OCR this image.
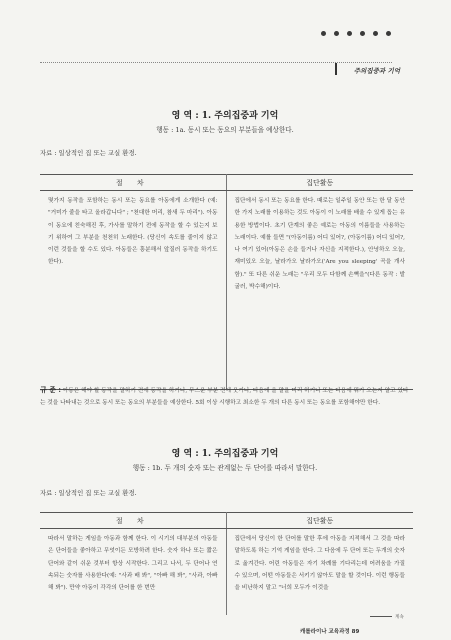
주의집중과 기억
영 역 : 1. 주의집중과 기억
행동 : 1a. 동시 또는 동요의 부분들을 예상한다.
자료 : 일상적인 집 또는 교실 환경.
절 차	집단활동
몇가지 동작을 포함하는 동시 또는 동요를 아동에게 소개한다 (예: "거미가 줄을 타고 올라갑니다" ; "천대한 머리, 참새 두 마리"). 아동이 동요에 친숙해진 후, 가사를 말하기 전에 동작을 할 수 있는지 보기 위하여 그 부분을 천천히 노래한다. (당신이 속도를 줄이지 않고 이런 것들을 할 수도 있다. 아동들은 흥분해서 앞질러 동작을 하기도 한다).	집단에서 동시 또는 동요를 한다. 때로는 일주일 동안 또는 한 달 동안 한 가지 노래를 이용하는 것도 아동이 이 노래를 배울 수 있게 돕는 유용한 방법이다. 초기 단계의 좋은 예로는 아동의 이름들을 사용하는 노래이다. 예를 들면 "(아동이름) 어디 있어?, (아동이름) 어디 있어?, 나 여기 있어(아동은 손을 들거나 자신을 지적한다.), 안녕하오 오늘, 재미있오 오늘, 날라가오 날라가오('Are you sleeping' 곡을 개사함)." 또 다른 쉬운 노래는 "우리 모두 다함께 손뼉을"(다른 동작 : 발굴러, 박수해)이다.
규 준 : 아동은 해야 할 동작을 말하기 전에 동작을 하거나, 무스운 부분 전에 웃거나, 다음에 올 말을 미리 하거나 또는 다음에 뭐가 오는지 알고 있다는 것을 나타내는 것으로 동시 또는 동요의 부분들을 예상한다. 5회 이상 시행하고 최소한 두 개의 다른 동시 또는 동요를 포함해야만 한다.
영 역 : 1. 주의집중과 기억
행동 : 1b. 두 개의 숫자 또는 관계없는 두 단어를 따라서 말한다.
자료 : 일상적인 집 또는 교실 환경.
절 차	집단활동
따라서 말하는 게임을 아동과 함께 한다. 이 시기의 대부분의 아동들은 단어들을 좋아하고 무엇이든 모방하려 한다. 숫자 하나 또는 짧은 단어와 같이 쉬운 것부터 항상 시작한다. 그리고 나서, 두 단어나 연속되는 숫자를 사용한다(예: "사과 배 봐", "아빠 해 봐", "사과, 아빠 해 봐"). 만약 아동이 각각의 단어를 한 번만	집단에서 당신이 한 단어를 말한 후에 아동을 지적해서 그 것을 따라 말하도록 하는 기억 게임을 한다. 그 다음에 두 단어 또는 두개의 숫자로 옮겨간다. 어린 아동들은 자기 차례를 기다리는데 어려움을 가질 수 있으며, 어떤 아동들은 서키기 않아도 말을 할 것이다. 이런 행동들을 비난하지 말고 "너희 모두가 이것을
계속
캐롤라이나 교육과정 89
